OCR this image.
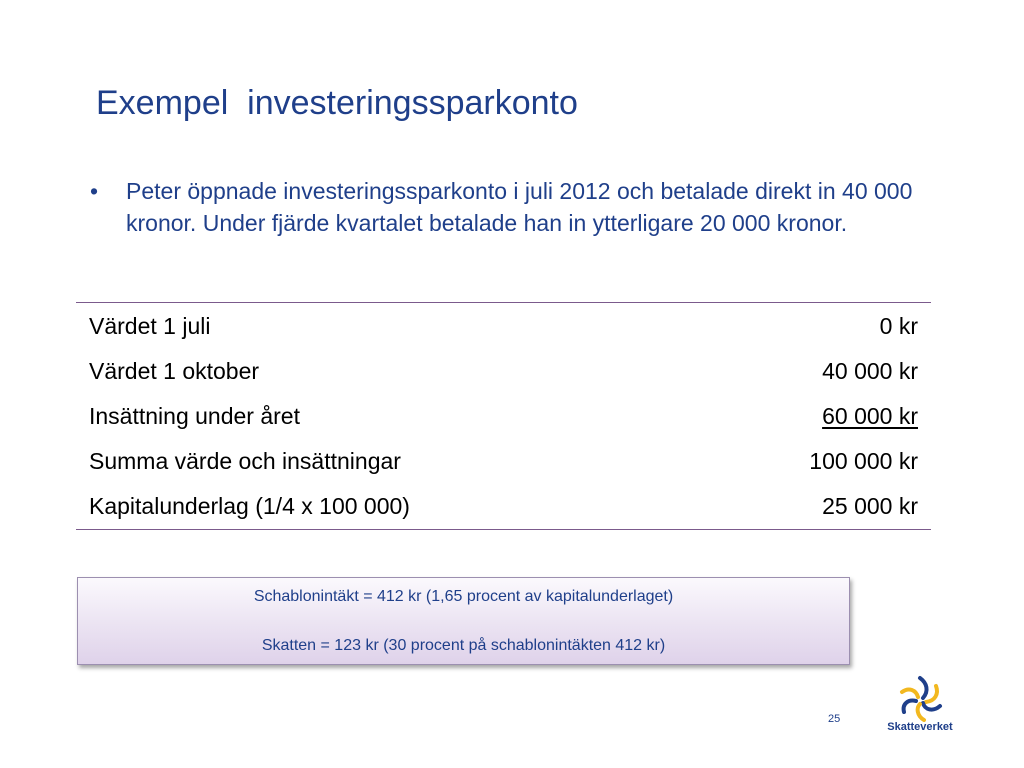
Exempel  investeringssparkonto
• Peter öppnade investeringssparkonto i juli 2012 och betalade direkt in 40 000 kronor. Under fjärde kvartalet betalade han in ytterligare 20 000 kronor.
Värdet 1 juli	0 kr
Värdet 1 oktober	40 000 kr
Insättning under året	60 000 kr
Summa värde och insättningar	100 000 kr
Kapitalunderlag (1/4 x 100 000)	25 000 kr
Schablonintäkt = 412 kr (1,65 procent av kapitalunderlaget)
Skatten = 123 kr (30 procent på schablonintäkten 412 kr)
25
Skatteverket
